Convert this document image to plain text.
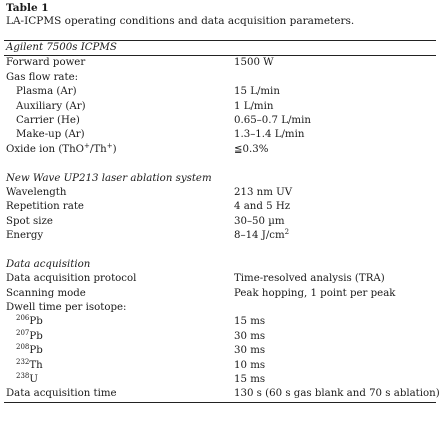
Table 1
LA-ICPMS operating conditions and data acquisition parameters.
Agilent 7500s ICPMS
Forward power	1500 W
Gas flow rate:
Plasma (Ar)	15 L/min
Auxiliary (Ar)	1 L/min
Carrier (He)	0.65–0.7 L/min
Make-up (Ar)	1.3–1.4 L/min
Oxide ion (ThO+/Th+)	≦0.3%
New Wave UP213 laser ablation system
Wavelength	213 nm UV
Repetition rate	4 and 5 Hz
Spot size	30–50 µm
Energy	8–14 $J/cm^2$
Data acquisition
Data acquisition protocol	Time-resolved analysis (TRA)
Scanning mode	Peak hopping, 1 point per peak
Dwell time per isotope:
$^{206}$Pb	15 ms
$^{207}$Pb	30 ms
$^{208}$Pb	30 ms
$^{232}$Th	10 ms
$^{238}$U	15 ms
Data acquisition time	130 s (60 s gas blank and 70 s ablation)
